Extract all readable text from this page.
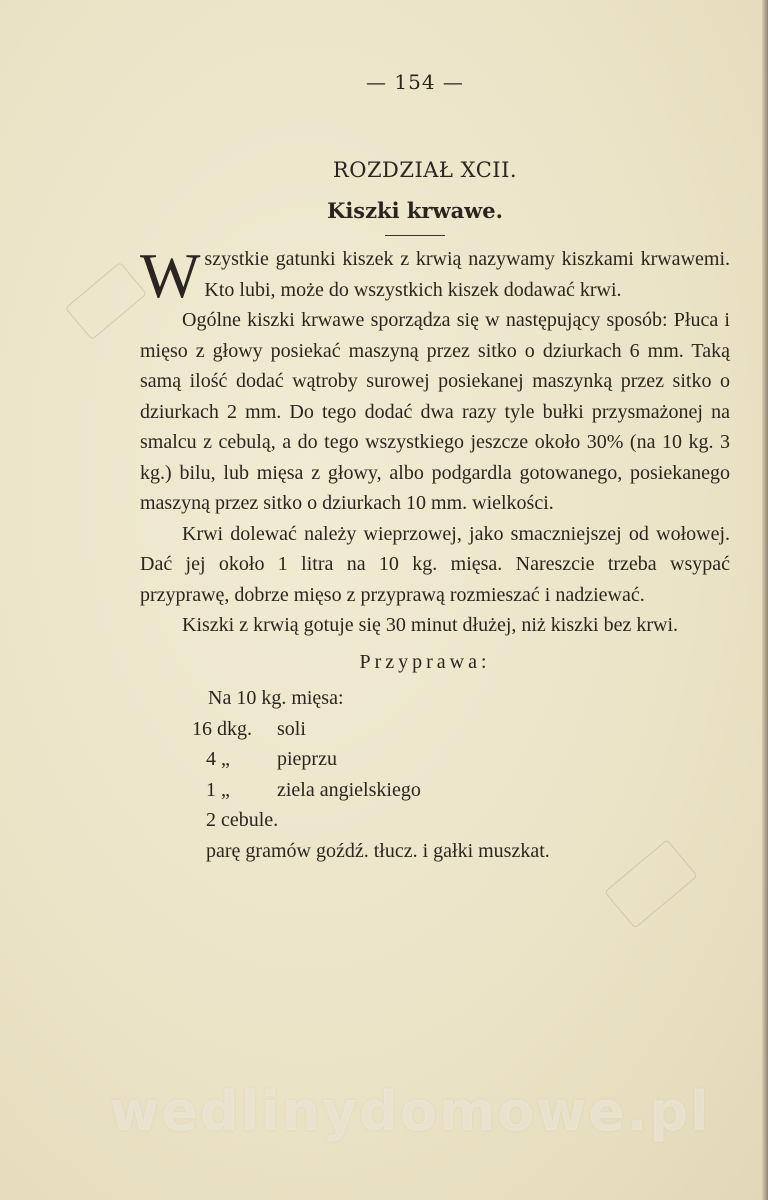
— 154 —
ROZDZIAŁ XCII.
Kiszki krwawe.

Wszystkie gatunki kiszek z krwią nazywamy kiszkami krwawemi. Kto lubi, może do wszystkich kiszek dodawać krwi.

Ogólne kiszki krwawe sporządza się w następujący sposób: Płuca i mięso z głowy posiekać maszyną przez sitko o dziurkach 6 mm. Taką samą ilość dodać wątroby surowej posiekanej maszynką przez sitko o dziurkach 2 mm. Do tego dodać dwa razy tyle bułki przysmażonej na smalcu z cebulą, a do tego wszystkiego jeszcze około 30% (na 10 kg. 3 kg.) bilu, lub mięsa z głowy, albo podgardla gotowanego, posiekanego maszyną przez sitko o dziurkach 10 mm. wielkości.

Krwi dolewać należy wieprzowej, jako smaczniejszej od wołowej. Dać jej około 1 litra na 10 kg. mięsa. Nareszcie trzeba wsypać przyprawę, dobrze mięso z przyprawą rozmieszać i nadziewać.

Kiszki z krwią gotuje się 30 minut dłużej, niż kiszki bez krwi.

Przyprawa:
Na 10 kg. mięsa:
16 dkg. soli
4 „ pieprzu
1 „ ziela angielskiego
2 cebule.
parę gramów goźdź. tłucz. i gałki muszkat.
wedlinydomowe.pl
